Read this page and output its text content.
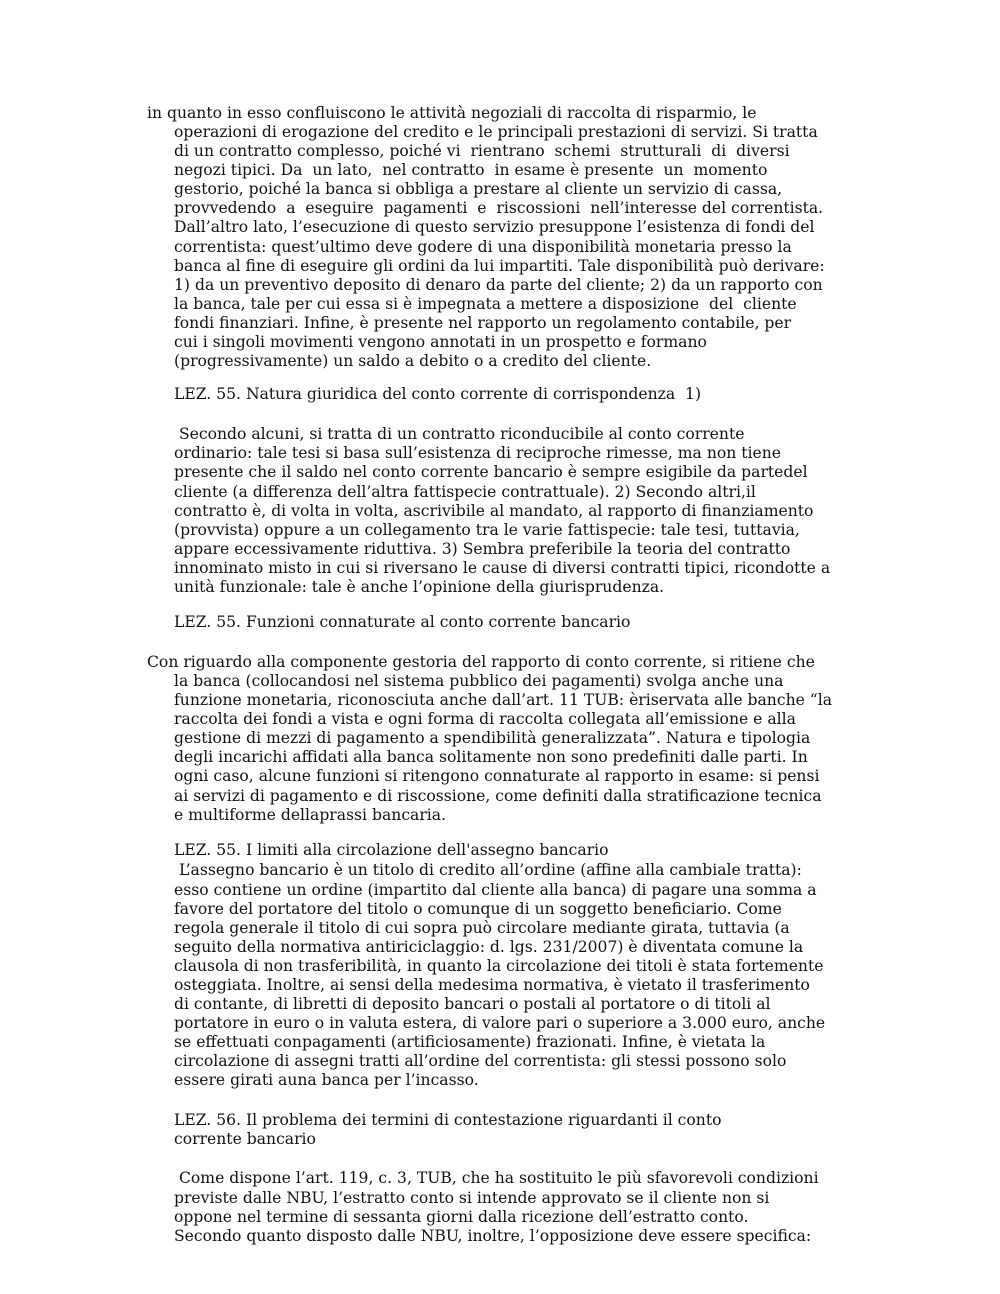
in quanto in esso confluiscono le attività negoziali di raccolta di risparmio, le
operazioni di erogazione del credito e le principali prestazioni di servizi. Si tratta
di un contratto complesso, poiché vi  rientrano  schemi  strutturali  di  diversi
negozi tipici. Da  un lato,  nel contratto  in esame è presente  un  momento
gestorio, poiché la banca si obbliga a prestare al cliente un servizio di cassa,
provvedendo  a  eseguire  pagamenti  e  riscossioni  nell’interesse del correntista.
Dall’altro lato, l’esecuzione di questo servizio presuppone l’esistenza di fondi del
correntista: quest’ultimo deve godere di una disponibilità monetaria presso la
banca al fine di eseguire gli ordini da lui impartiti. Tale disponibilità può derivare:
1) da un preventivo deposito di denaro da parte del cliente; 2) da un rapporto con
la banca, tale per cui essa si è impegnata a mettere a disposizione  del  cliente
fondi finanziari. Infine, è presente nel rapporto un regolamento contabile, per
cui i singoli movimenti vengono annotati in un prospetto e formano
(progressivamente) un saldo a debito o a credito del cliente.
LEZ. 55. Natura giuridica del conto corrente di corrispondenza  1)
Secondo alcuni, si tratta di un contratto riconducibile al conto corrente
ordinario: tale tesi si basa sull’esistenza di reciproche rimesse, ma non tiene
presente che il saldo nel conto corrente bancario è sempre esigibile da partedel
cliente (a differenza dell’altra fattispecie contrattuale). 2) Secondo altri,il
contratto è, di volta in volta, ascrivibile al mandato, al rapporto di finanziamento
(provvista) oppure a un collegamento tra le varie fattispecie: tale tesi, tuttavia,
appare eccessivamente riduttiva. 3) Sembra preferibile la teoria del contratto
innominato misto in cui si riversano le cause di diversi contratti tipici, ricondotte a
unità funzionale: tale è anche l’opinione della giurisprudenza.
LEZ. 55. Funzioni connaturate al conto corrente bancario
Con riguardo alla componente gestoria del rapporto di conto corrente, si ritiene che
la banca (collocandosi nel sistema pubblico dei pagamenti) svolga anche una
funzione monetaria, riconosciuta anche dall’art. 11 TUB: èriservata alle banche “la
raccolta dei fondi a vista e ogni forma di raccolta collegata all’emissione e alla
gestione di mezzi di pagamento a spendibilità generalizzata”. Natura e tipologia
degli incarichi affidati alla banca solitamente non sono predefiniti dalle parti. In
ogni caso, alcune funzioni si ritengono connaturate al rapporto in esame: si pensi
ai servizi di pagamento e di riscossione, come definiti dalla stratificazione tecnica
e multiforme dellaprassi bancaria.
LEZ. 55. I limiti alla circolazione dell'assegno bancario
L’assegno bancario è un titolo di credito all’ordine (affine alla cambiale tratta):
esso contiene un ordine (impartito dal cliente alla banca) di pagare una somma a
favore del portatore del titolo o comunque di un soggetto beneficiario. Come
regola generale il titolo di cui sopra può circolare mediante girata, tuttavia (a
seguito della normativa antiriciclaggio: d. lgs. 231/2007) è diventata comune la
clausola di non trasferibilità, in quanto la circolazione dei titoli è stata fortemente
osteggiata. Inoltre, ai sensi della medesima normativa, è vietato il trasferimento
di contante, di libretti di deposito bancari o postali al portatore o di titoli al
portatore in euro o in valuta estera, di valore pari o superiore a 3.000 euro, anche
se effettuati conpagamenti (artificiosamente) frazionati. Infine, è vietata la
circolazione di assegni tratti all’ordine del correntista: gli stessi possono solo
essere girati auna banca per l’incasso.
LEZ. 56. Il problema dei termini di contestazione riguardanti il conto
corrente bancario
Come dispone l’art. 119, c. 3, TUB, che ha sostituito le più sfavorevoli condizioni
previste dalle NBU, l’estratto conto si intende approvato se il cliente non si
oppone nel termine di sessanta giorni dalla ricezione dell’estratto conto.
Secondo quanto disposto dalle NBU, inoltre, l’opposizione deve essere specifica:
